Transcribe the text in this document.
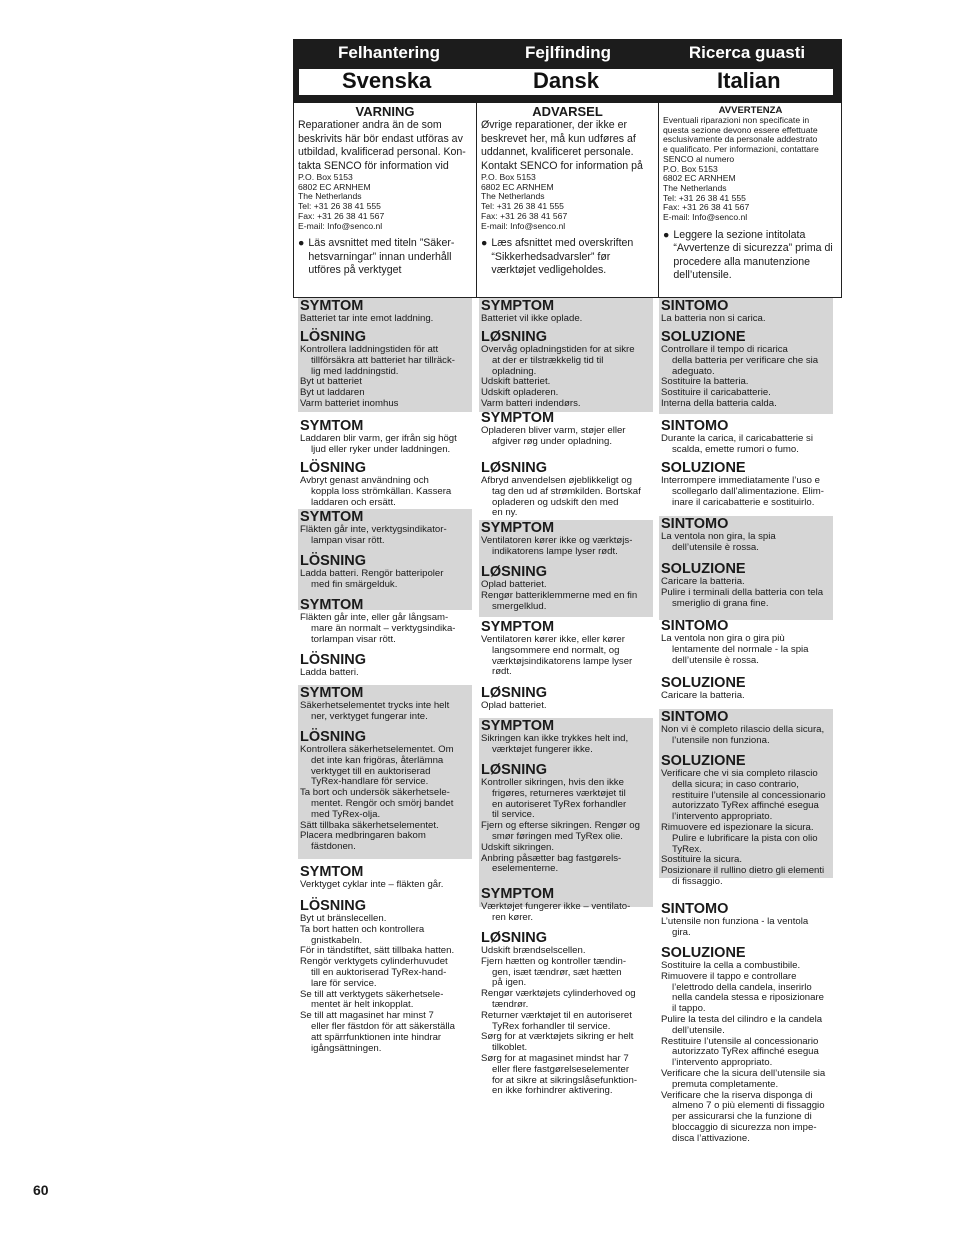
Felhantering	Fejlfinding	Ricerca guasti
Svenska	Dansk	Italian
VARNING
Reparationer andra än de som
beskrivits här bör endast utföras av
utbildad, kvalificerad personal. Kon-
takta SENCO för information vid
P.O. Box 5153
6802 EC ARNHEM
The Netherlands
Tel: +31 26 38 41 555
Fax: +31 26 38 41 567
E-mail: Info@senco.nl
● Läs avsnittet med titeln ”Säker-hetsvarningar” innan underhåll utföres på verktyget
ADVARSEL
Øvrige reparationer, der ikke er
beskrevet her, må kun udføres af
uddannet, kvalificeret personale.
Kontakt SENCO for information på
P.O. Box 5153
6802 EC ARNHEM
The Netherlands
Tel: +31 26 38 41 555
Fax: +31 26 38 41 567
E-mail: Info@senco.nl
● Læs afsnittet med overskriften “Sikkerhedsadvarsler” før værktøjet vedligeholdes.
AVVERTENZA
Eventuali riparazioni non specificate in
questa sezione devono essere effettuate
esclusivamente da personale addestrato
e qualificato. Per informazioni, contattare
SENCO al numero
P.O. Box 5153
6802 EC ARNHEM
The Netherlands
Tel: +31 26 38 41 555
Fax: +31 26 38 41 567
E-mail: Info@senco.nl
● Leggere la sezione intitolata “Avvertenze di sicurezza” prima di procedere alla manutenzione dell’utensile.
SYMTOM
Batteriet tar inte emot laddning.
LÖSNING
Kontrollera laddningstiden för att
tillförsäkra att batteriet har tillräck-
lig med laddningstid.
Byt ut batteriet
Byt ut laddaren
Varm batteriet inomhus
SYMTOM
Laddaren blir varm, ger ifrån sig högt
ljud eller ryker under laddningen.
LÖSNING
Avbryt genast användning och
koppla loss strömkällan. Kassera
laddaren och ersätt.
SYMTOM
Fläkten går inte, verktygsindikator-
lampan visar rött.
LÖSNING
Ladda batteri. Rengör batteripoler
med fin smärgelduk.
SYMTOM
Fläkten går inte, eller går långsam-
mare än normalt – verktygsindika-
torlampan visar rött.
LÖSNING
Ladda batteri.
SYMTOM
Säkerhetselementet trycks inte helt
ner, verktyget fungerar inte.
LÖSNING
Kontrollera säkerhetselementet. Om
det inte kan frigöras, återlämna
verktyget till en auktoriserad
TyRex-handlare för service.
Ta bort och undersök säkerhetsele-
mentet. Rengör och smörj bandet
med TyRex-olja.
Sätt tillbaka säkerhetselementet.
Placera medbringaren bakom
fästdonen.
SYMTOM
Verktyget cyklar inte – fläkten går.
LÖSNING
Byt ut bränslecellen.
Ta bort hatten och kontrollera
gnistkabeln.
För in tändstiftet, sätt tillbaka hatten.
Rengör verktygets cylinderhuvudet
till en auktoriserad TyRex-hand-
lare för service.
Se till att verktygets säkerhetsele-
mentet är helt inkopplat.
Se till att magasinet har minst 7
eller fler fästdon för att säkerställa
att spärrfunktionen inte hindrar
igångsättningen.
SYMPTOM
Batteriet vil ikke oplade.
LØSNING
Overvåg opladningstiden for at sikre
at der er tilstrækkelig tid til
opladning.
Udskift batteriet.
Udskift opladeren.
Varm batteri indendørs.
SYMPTOM
Opladeren bliver varm, støjer eller
afgiver røg under opladning.
LØSNING
Afbryd anvendelsen øjeblikkeligt og
tag den ud af strømkilden. Bortskaf
opladeren og udskift den med
en ny.
SYMPTOM
Ventilatoren kører ikke og værktøjs-
indikatorens lampe lyser rødt.
LØSNING
Oplad batteriet.
Rengør batteriklemmerne med en fin
smergelklud.
SYMPTOM
Ventilatoren kører ikke, eller kører
langsommere end normalt, og
værktøjsindikatorens lampe lyser
rødt.
LØSNING
Oplad batteriet.
SYMPTOM
Sikringen kan ikke trykkes helt ind,
værktøjet fungerer ikke.
LØSNING
Kontroller sikringen, hvis den ikke
frigøres, returneres værktøjet til
en autoriseret TyRex forhandler
til service.
Fjern og efterse sikringen. Rengør og
smør føringen med TyRex olie.
Udskift sikringen.
Anbring påsætter bag fastgørels-
eselementerne.
SYMPTOM
Værktøjet fungerer ikke – ventilato-
ren kører.
LØSNING
Udskift brændselscellen.
Fjern hætten og kontroller tændin-
gen, isæt tændrør, sæt hætten
på igen.
Rengør værktøjets cylinderhoved og
tændrør.
Returner værktøjet til en autoriseret
TyRex forhandler til service.
Sørg for at værktøjets sikring er helt
tilkoblet.
Sørg for at magasinet mindst har 7
eller flere fastgørelseselementer
for at sikre at sikringslåsefunktion-
en ikke forhindrer aktivering.
SINTOMO
La batteria non si carica.
SOLUZIONE
Controllare il tempo di ricarica
della batteria per verificare che sia
adeguato.
Sostituire la batteria.
Sostituire il caricabatterie.
Interna della batteria calda.
SINTOMO
Durante la carica, il caricabatterie si
scalda, emette rumori o fumo.
SOLUZIONE
Interrompere immediatamente l’uso e
scollegarlo dall’alimentazione. Elim-
inare il caricabatterie e sostituirlo.
SINTOMO
La ventola non gira, la spia
dell’utensile è rossa.
SOLUZIONE
Caricare la batteria.
Pulire i terminali della batteria con tela
smeriglio di grana fine.
SINTOMO
La ventola non gira o gira più
lentamente del normale - la spia
dell’utensile è rossa.
SOLUZIONE
Caricare la batteria.
SINTOMO
Non vi è completo rilascio della sicura,
l’utensile non funziona.
SOLUZIONE
Verificare che vi sia completo rilascio
della sicura; in caso contrario,
restituire l’utensile al concessionario
autorizzato TyRex affinché esegua
l’intervento appropriato.
Rimuovere ed ispezionare la sicura.
Pulire e lubrificare la pista con olio
TyRex.
Sostituire la sicura.
Posizionare il rullino dietro gli elementi
di fissaggio.
SINTOMO
L’utensile non funziona - la ventola
gira.
SOLUZIONE
Sostituire la cella a combustibile.
Rimuovere il tappo e controllare
l’elettrodo della candela, inserirlo
nella candela stessa e riposizionare
il tappo.
Pulire la testa del cilindro e la candela
dell’utensile.
Restituire l’utensile al concessionario
autorizzato TyRex affinché esegua
l’intervento appropriato.
Verificare che la sicura dell’utensile sia
premuta completamente.
Verificare che la riserva disponga di
almeno 7 o più elementi di fissaggio
per assicurarsi che la funzione di
bloccaggio di sicurezza non impe-
disca l’attivazione.
60
